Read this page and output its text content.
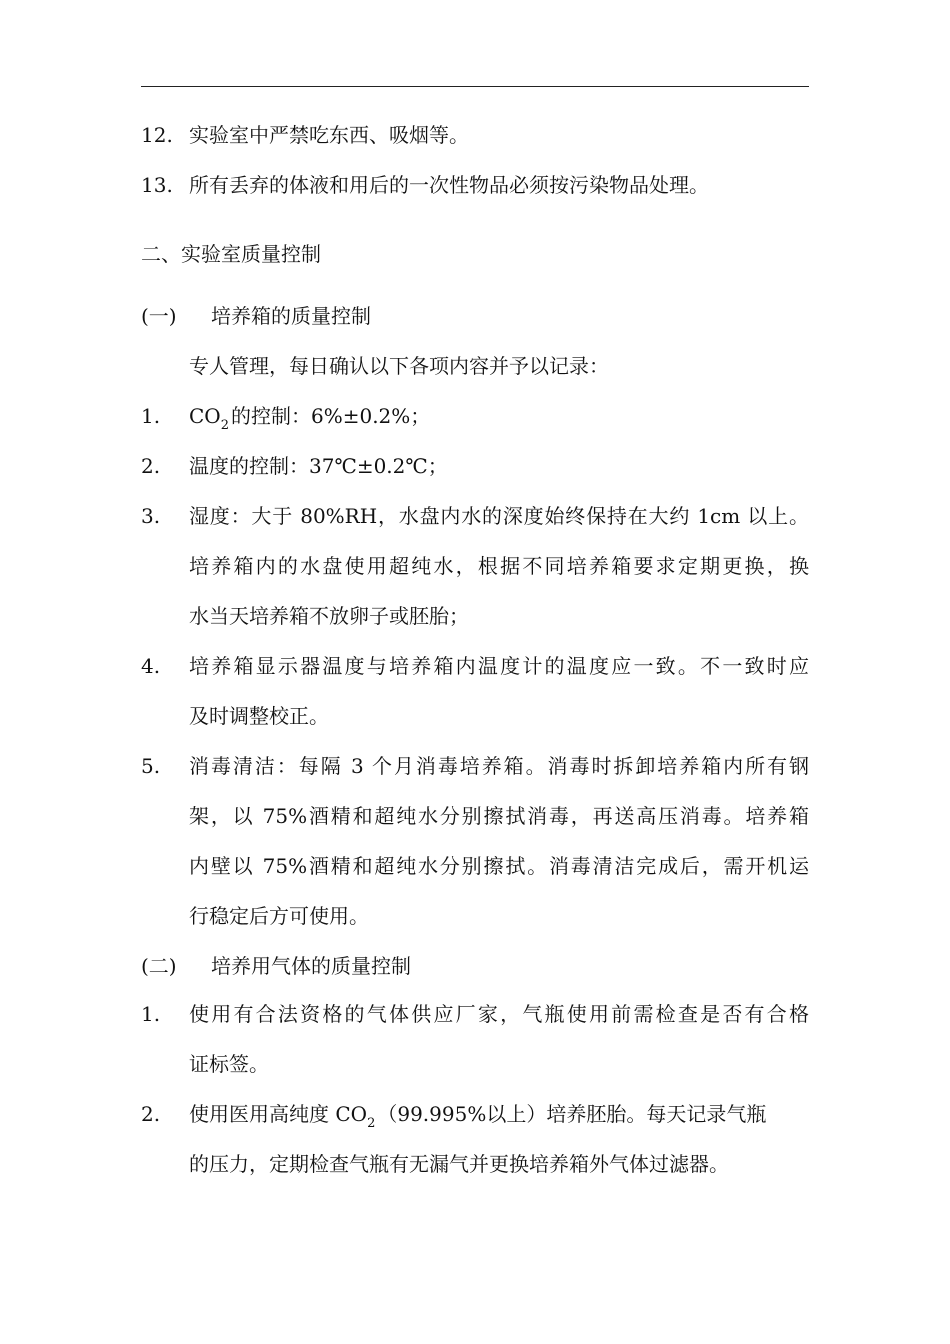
12. 实验室中严禁吃东西、吸烟等。
13. 所有丢弃的体液和用后的一次性物品必须按污染物品处理。
二、实验室质量控制
(一) 培养箱的质量控制
专人管理，每日确认以下各项内容并予以记录：
1. $CO_2$ 的控制：6%±0.2%；
2. 温度的控制：37℃±0.2℃；
3. 湿度：大于 80%RH，水盘内水的深度始终保持在大约 1cm 以上。
培养箱内的水盘使用超纯水，根据不同培养箱要求定期更换，换
水当天培养箱不放卵子或胚胎；
4. 培养箱显示器温度与培养箱内温度计的温度应一致。不一致时应
及时调整校正。
5. 消毒清洁：每隔 3 个月消毒培养箱。消毒时拆卸培养箱内所有钢
架，以 75%酒精和超纯水分别擦拭消毒，再送高压消毒。培养箱
内壁以 75%酒精和超纯水分别擦拭。消毒清洁完成后，需开机运
行稳定后方可使用。
(二) 培养用气体的质量控制
1. 使用有合法资格的气体供应厂家，气瓶使用前需检查是否有合格
证标签。
2. 使用医用高纯度 $CO_2$ （99.995%以上）培养胚胎。每天记录气瓶
的压力，定期检查气瓶有无漏气并更换培养箱外气体过滤器。
